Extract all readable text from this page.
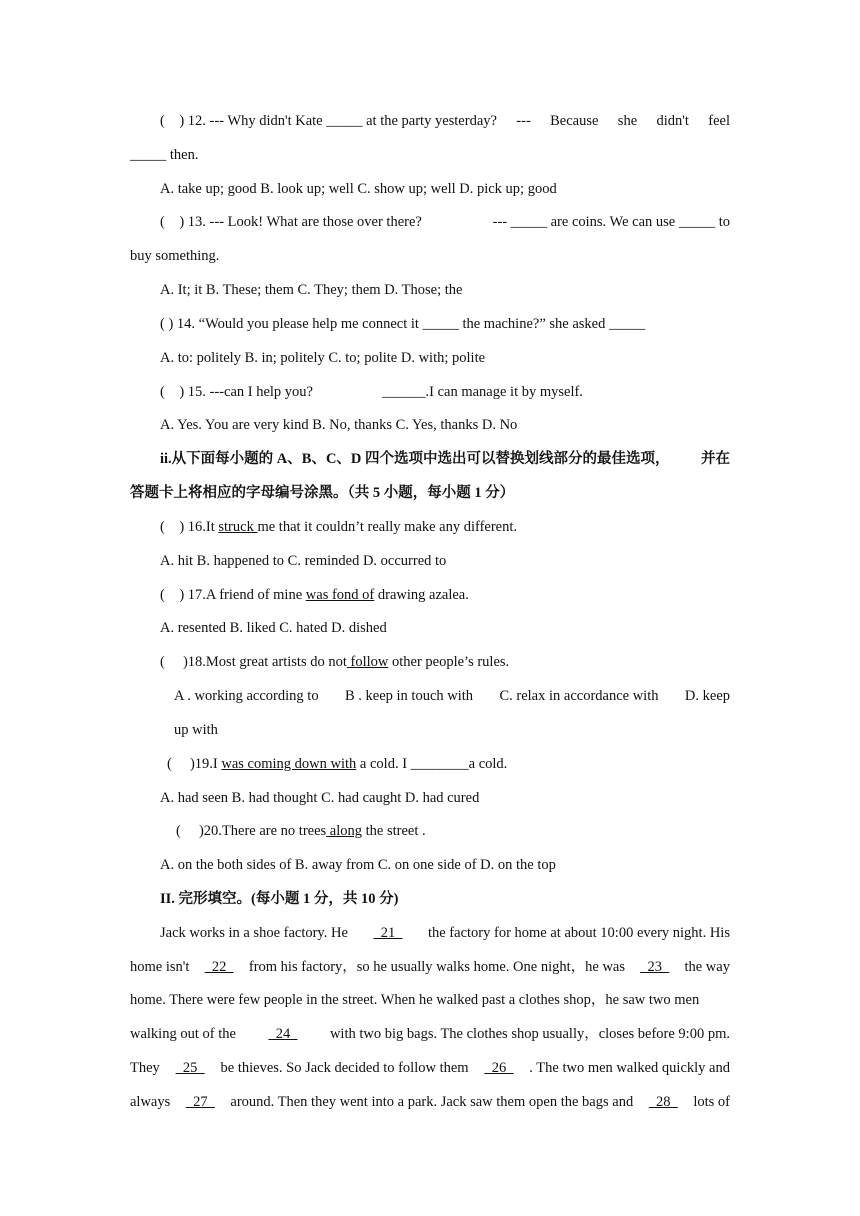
(    ) 12. --- Why didn't Kate _____ at the party yesterday? --- Because she didn't feel
_____ then.
A. take up; good B. look up; well C. show up; well D. pick up; good
(    ) 13. --- Look! What are those over there?	--- _____ are coins. We can use _____ to
buy something.
A. It; it B. These; them C. They; them D. Those; the
( ) 14. “Would you please help me connect it _____ the machine?” she asked _____
A. to: politely B. in; politely C. to; polite D. with; polite
(    ) 15. ---can I help you?	______.I can manage it by myself.
A. Yes. You are very kind B. No, thanks C. Yes, thanks D. No
ii.从下面每小题的 A、B、C、D 四个选项中选出可以替换划线部分的最佳选项， 并在
答题卡上将相应的字母编号涂黑。（共 5 小题，每小题 1 分）
(    ) 16.It struck me that it couldn’t really make any different.
A. hit B. happened to C. reminded D. occurred to
(    ) 17.A friend of mine was fond of drawing azalea.
A. resented B. liked C. hated D. dished
(     )18.Most great artists do not follow other people’s rules.
A . working according to B . keep in touch with C. relax in accordance with D. keep
up with
(     )19.I was coming down with a cold. I ________a cold.
A. had seen B. had thought C. had caught D. had cured
(     )20.There are no trees along the street .
A. on the both sides of B. away from C. on one side of D. on the top
II. 完形填空。(每小题 1 分，共 10 分)
Jack works in a shoe factory. He 21 the factory for home at about 10:00 every night. His
home isn't 22 from his factory，so he usually walks home. One night，he was 23 the way
home. There were few people in the street. When he walked past a clothes shop，he saw two men
walking out of the 24 with two big bags. The clothes shop usually，closes before 9:00 pm.
They 25 be thieves. So Jack decided to follow them 26 . The two men walked quickly and
always 27 around. Then they went into a park. Jack saw them open the bags and 28 lots of
